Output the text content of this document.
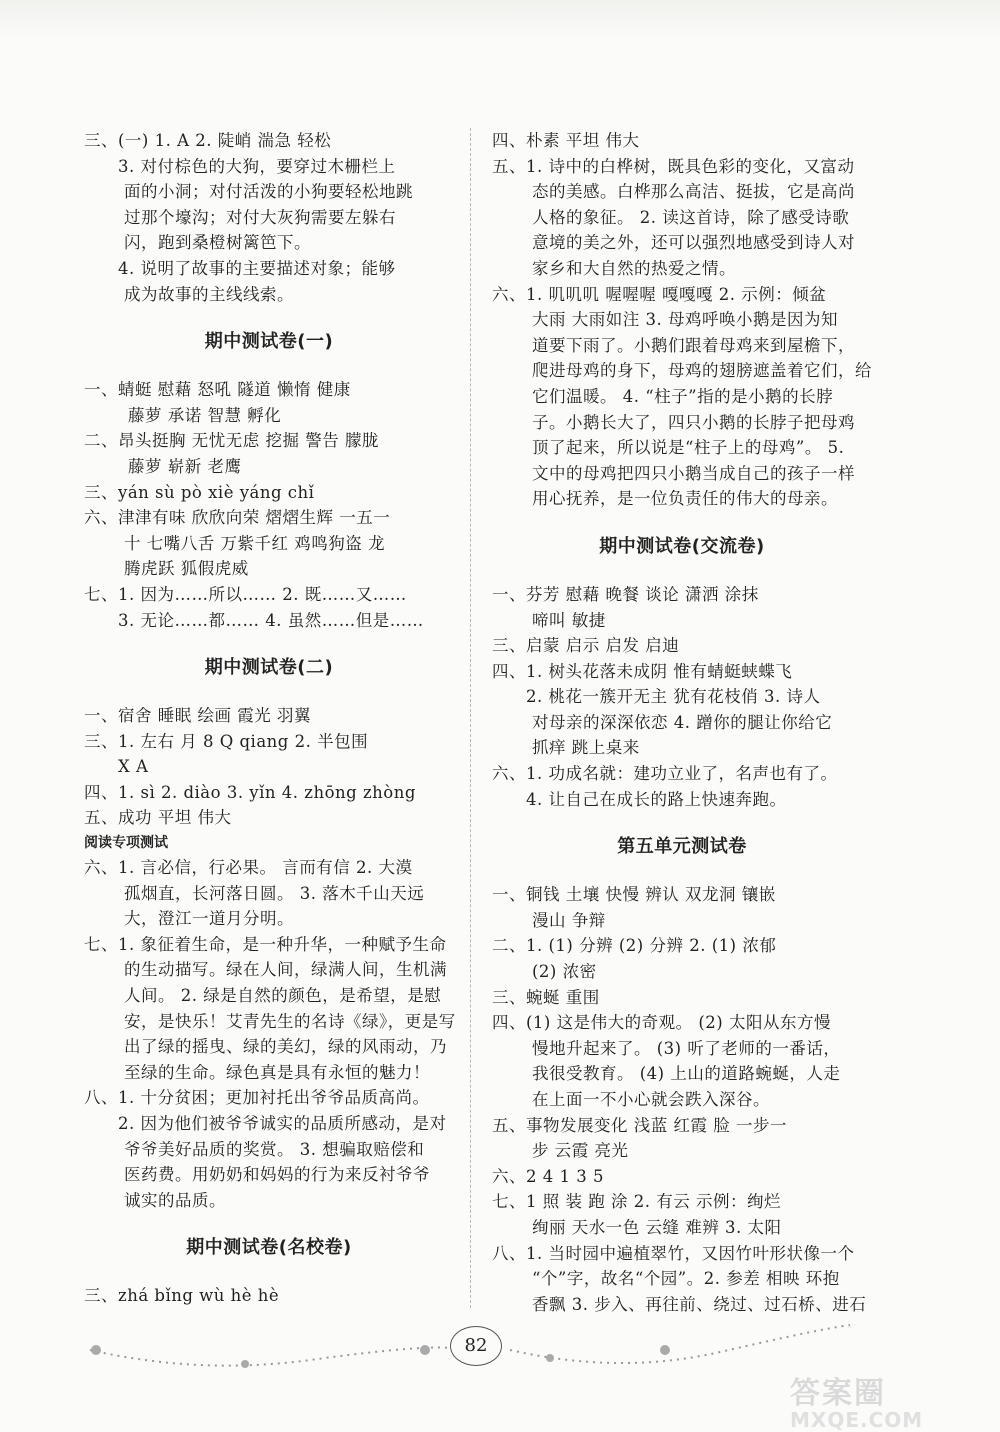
三、(一) 1. A 2. 陡峭 湍急 轻松
3. 对付棕色的大狗，要穿过木栅栏上
面的小洞；对付活泼的小狗要轻松地跳
过那个壕沟；对付大灰狗需要左躲右
闪，跑到桑橙树篱笆下。
4. 说明了故事的主要描述对象；能够
成为故事的主线线索。
期中测试卷(一)
一、蜻蜓 慰藉 怒吼 隧道 懒惰 健康
藤萝 承诺 智慧 孵化
二、昂头挺胸 无忧无虑 挖掘 警告 朦胧
藤萝 崭新 老鹰
三、yán sù pò xiè yáng chǐ
六、津津有味 欣欣向荣 熠熠生辉 一五一
十 七嘴八舌 万紫千红 鸡鸣狗盗 龙
腾虎跃 狐假虎威
七、1. 因为……所以…… 2. 既……又……
3. 无论……都…… 4. 虽然……但是……
期中测试卷(二)
一、宿舍 睡眠 绘画 霞光 羽翼
三、1. 左右 月 8 Q qiang 2. 半包围
X A
四、1. sì 2. diào 3. yǐn 4. zhōng zhòng
五、成功 平坦 伟大
阅读专项测试
六、1. 言必信，行必果。 言而有信 2. 大漠
孤烟直，长河落日圆。 3. 落木千山天远
大，澄江一道月分明。
七、1. 象征着生命，是一种升华，一种赋予生命
的生动描写。绿在人间，绿满人间，生机满
人间。 2. 绿是自然的颜色，是希望，是慰
安，是快乐！艾青先生的名诗《绿》，更是写
出了绿的摇曳、绿的美幻，绿的风雨动，乃
至绿的生命。绿色真是具有永恒的魅力！
八、1. 十分贫困；更加衬托出爷爷品质高尚。
2. 因为他们被爷爷诚实的品质所感动，是对
爷爷美好品质的奖赏。 3. 想骗取赔偿和
医药费。用奶奶和妈妈的行为来反衬爷爷
诚实的品质。
期中测试卷(名校卷)
三、zhá bǐng wù hè hè
四、朴素 平坦 伟大
五、1. 诗中的白桦树，既具色彩的变化，又富动
态的美感。白桦那么高洁、挺拔，它是高尚
人格的象征。 2. 读这首诗，除了感受诗歌
意境的美之外，还可以强烈地感受到诗人对
家乡和大自然的热爱之情。
六、1. 叽叽叽 喔喔喔 嘎嘎嘎 2. 示例：倾盆
大雨 大雨如注 3. 母鸡呼唤小鹅是因为知
道要下雨了。小鹅们跟着母鸡来到屋檐下，
爬进母鸡的身下，母鸡的翅膀遮盖着它们，给
它们温暖。 4. “柱子”指的是小鹅的长脖
子。小鹅长大了，四只小鹅的长脖子把母鸡
顶了起来，所以说是“柱子上的母鸡”。 5.
文中的母鸡把四只小鹅当成自己的孩子一样
用心抚养，是一位负责任的伟大的母亲。
期中测试卷(交流卷)
一、芬芳 慰藉 晚餐 谈论 潇洒 涂抹
啼叫 敏捷
三、启蒙 启示 启发 启迪
四、1. 树头花落未成阴 惟有蜻蜓蛱蝶飞
2. 桃花一簇开无主 犹有花枝俏 3. 诗人
对母亲的深深依恋 4. 蹭你的腿让你给它
抓痒 跳上桌来
六、1. 功成名就：建功立业了，名声也有了。
4. 让自己在成长的路上快速奔跑。
第五单元测试卷
一、铜钱 土壤 快慢 辨认 双龙洞 镶嵌
漫山 争辩
二、1. (1) 分辨 (2) 分辨 2. (1) 浓郁
(2) 浓密
三、蜿蜒 重围
四、(1) 这是伟大的奇观。 (2) 太阳从东方慢
慢地升起来了。 (3) 听了老师的一番话，
我很受教育。 (4) 上山的道路蜿蜒，人走
在上面一不小心就会跌入深谷。
五、事物发展变化 浅蓝 红霞 脸 一步一
步 云霞 亮光
六、2 4 1 3 5
七、1 照 装 跑 涂 2. 有云 示例：绚烂
绚丽 天水一色 云缝 难辨 3. 太阳
八、1. 当时园中遍植翠竹，又因竹叶形状像一个
“个”字，故名“个园”。2. 参差 相映 环抱
香飘 3. 步入、再往前、绕过、过石桥、进石
82
答案圈
MXQE.COM
